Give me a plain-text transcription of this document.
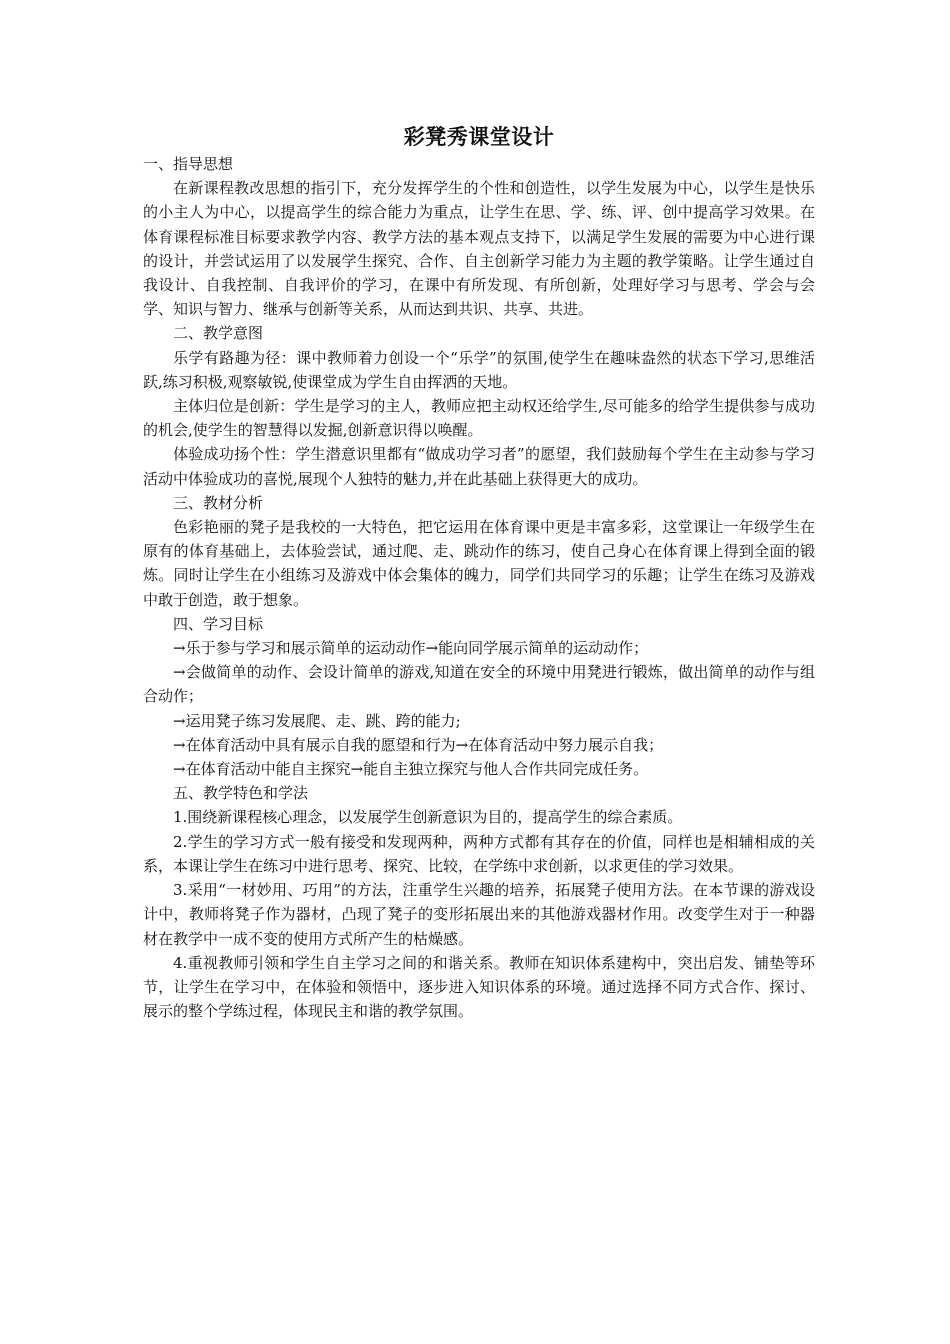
彩凳秀课堂设计

一、指导思想

在新课程教改思想的指引下，充分发挥学生的个性和创造性，以学生发展为中心，以学生是快乐的小主人为中心，以提高学生的综合能力为重点，让学生在思、学、练、评、创中提高学习效果。在体育课程标准目标要求教学内容、教学方法的基本观点支持下，以满足学生发展的需要为中心进行课的设计，并尝试运用了以发展学生探究、合作、自主创新学习能力为主题的教学策略。让学生通过自我设计、自我控制、自我评价的学习，在课中有所发现、有所创新，处理好学习与思考、学会与会学、知识与智力、继承与创新等关系，从而达到共识、共享、共进。

二、教学意图

乐学有路趣为径：课中教师着力创设一个“乐学”的氛围,使学生在趣味盎然的状态下学习,思维活跃,练习积极,观察敏锐,使课堂成为学生自由挥洒的天地。

主体归位是创新：学生是学习的主人，教师应把主动权还给学生,尽可能多的给学生提供参与成功的机会,使学生的智慧得以发掘,创新意识得以唤醒。

体验成功扬个性：学生潜意识里都有“做成功学习者”的愿望，我们鼓励每个学生在主动参与学习活动中体验成功的喜悦,展现个人独特的魅力,并在此基础上获得更大的成功。

三、教材分析

色彩艳丽的凳子是我校的一大特色，把它运用在体育课中更是丰富多彩，这堂课让一年级学生在原有的体育基础上，去体验尝试，通过爬、走、跳动作的练习，使自己身心在体育课上得到全面的锻炼。同时让学生在小组练习及游戏中体会集体的魄力，同学们共同学习的乐趣；让学生在练习及游戏中敢于创造，敢于想象。

四、学习目标

→乐于参与学习和展示简单的运动动作→能向同学展示简单的运动动作；

→会做简单的动作、会设计简单的游戏,知道在安全的环境中用凳进行锻炼，做出简单的动作与组合动作；

→运用凳子练习发展爬、走、跳、跨的能力;

→在体育活动中具有展示自我的愿望和行为→在体育活动中努力展示自我；

→在体育活动中能自主探究→能自主独立探究与他人合作共同完成任务。

五、教学特色和学法

1.围绕新课程核心理念，以发展学生创新意识为目的，提高学生的综合素质。

2.学生的学习方式一般有接受和发现两种，两种方式都有其存在的价值，同样也是相辅相成的关系，本课让学生在练习中进行思考、探究、比较，在学练中求创新，以求更佳的学习效果。

3.采用“一材妙用、巧用”的方法，注重学生兴趣的培养，拓展凳子使用方法。在本节课的游戏设计中，教师将凳子作为器材，凸现了凳子的变形拓展出来的其他游戏器材作用。改变学生对于一种器材在教学中一成不变的使用方式所产生的枯燥感。

4.重视教师引领和学生自主学习之间的和谐关系。教师在知识体系建构中，突出启发、铺垫等环节，让学生在学习中，在体验和领悟中，逐步进入知识体系的环境。通过选择不同方式合作、探讨、展示的整个学练过程，体现民主和谐的教学氛围。
